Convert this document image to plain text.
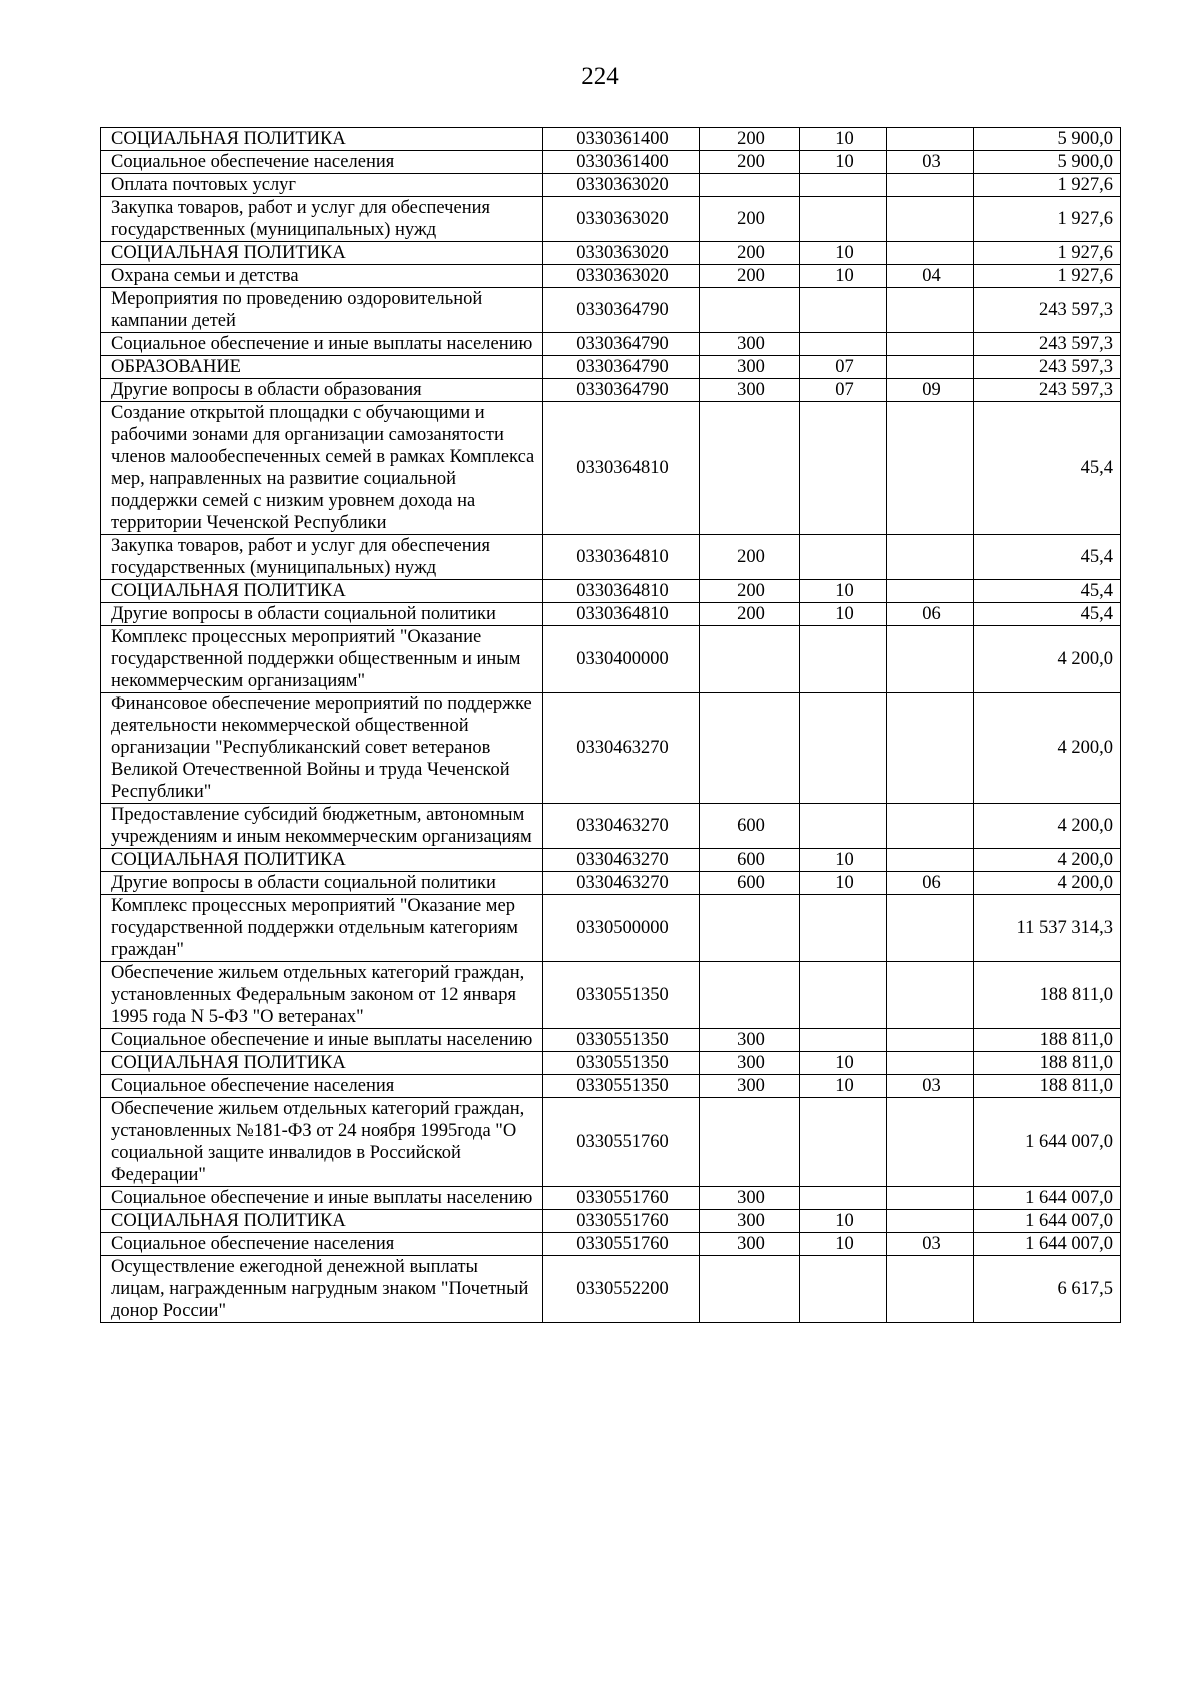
224
СОЦИАЛЬНАЯ ПОЛИТИКА	0330361400	200	10		5 900,0
Социальное обеспечение населения	0330361400	200	10	03	5 900,0
Оплата почтовых услуг	0330363020				1 927,6
Закупка товаров, работ и услуг для обеспечения государственных (муниципальных) нужд	0330363020	200			1 927,6
СОЦИАЛЬНАЯ ПОЛИТИКА	0330363020	200	10		1 927,6
Охрана семьи и детства	0330363020	200	10	04	1 927,6
Мероприятия по проведению оздоровительной кампании детей	0330364790				243 597,3
Социальное обеспечение и иные выплаты населению	0330364790	300			243 597,3
ОБРАЗОВАНИЕ	0330364790	300	07		243 597,3
Другие вопросы в области образования	0330364790	300	07	09	243 597,3
Создание открытой площадки с обучающими и рабочими зонами для организации самозанятости членов малообеспеченных семей в рамках Комплекса мер, направленных на развитие социальной поддержки семей с низким уровнем дохода на территории Чеченской Республики	0330364810				45,4
Закупка товаров, работ и услуг для обеспечения государственных (муниципальных) нужд	0330364810	200			45,4
СОЦИАЛЬНАЯ ПОЛИТИКА	0330364810	200	10		45,4
Другие вопросы в области социальной политики	0330364810	200	10	06	45,4
Комплекс процессных мероприятий "Оказание государственной поддержки общественным и иным некоммерческим организациям"	0330400000				4 200,0
Финансовое обеспечение мероприятий по поддержке деятельности некоммерческой общественной организации "Республиканский совет ветеранов Великой Отечественной Войны и труда Чеченской Республики"	0330463270				4 200,0
Предоставление субсидий бюджетным, автономным учреждениям и иным некоммерческим организациям	0330463270	600			4 200,0
СОЦИАЛЬНАЯ ПОЛИТИКА	0330463270	600	10		4 200,0
Другие вопросы в области социальной политики	0330463270	600	10	06	4 200,0
Комплекс процессных мероприятий "Оказание мер государственной поддержки отдельным категориям граждан"	0330500000				11 537 314,3
Обеспечение жильем отдельных категорий граждан, установленных Федеральным законом от 12 января 1995 года N 5-ФЗ "О ветеранах"	0330551350				188 811,0
Социальное обеспечение и иные выплаты населению	0330551350	300			188 811,0
СОЦИАЛЬНАЯ ПОЛИТИКА	0330551350	300	10		188 811,0
Социальное обеспечение населения	0330551350	300	10	03	188 811,0
Обеспечение жильем отдельных категорий граждан, установленных №181-ФЗ от 24 ноября 1995года "О социальной защите инвалидов в Российской Федерации"	0330551760				1 644 007,0
Социальное обеспечение и иные выплаты населению	0330551760	300			1 644 007,0
СОЦИАЛЬНАЯ ПОЛИТИКА	0330551760	300	10		1 644 007,0
Социальное обеспечение населения	0330551760	300	10	03	1 644 007,0
Осуществление ежегодной денежной выплаты лицам, награжденным нагрудным знаком "Почетный донор России"	0330552200				6 617,5
